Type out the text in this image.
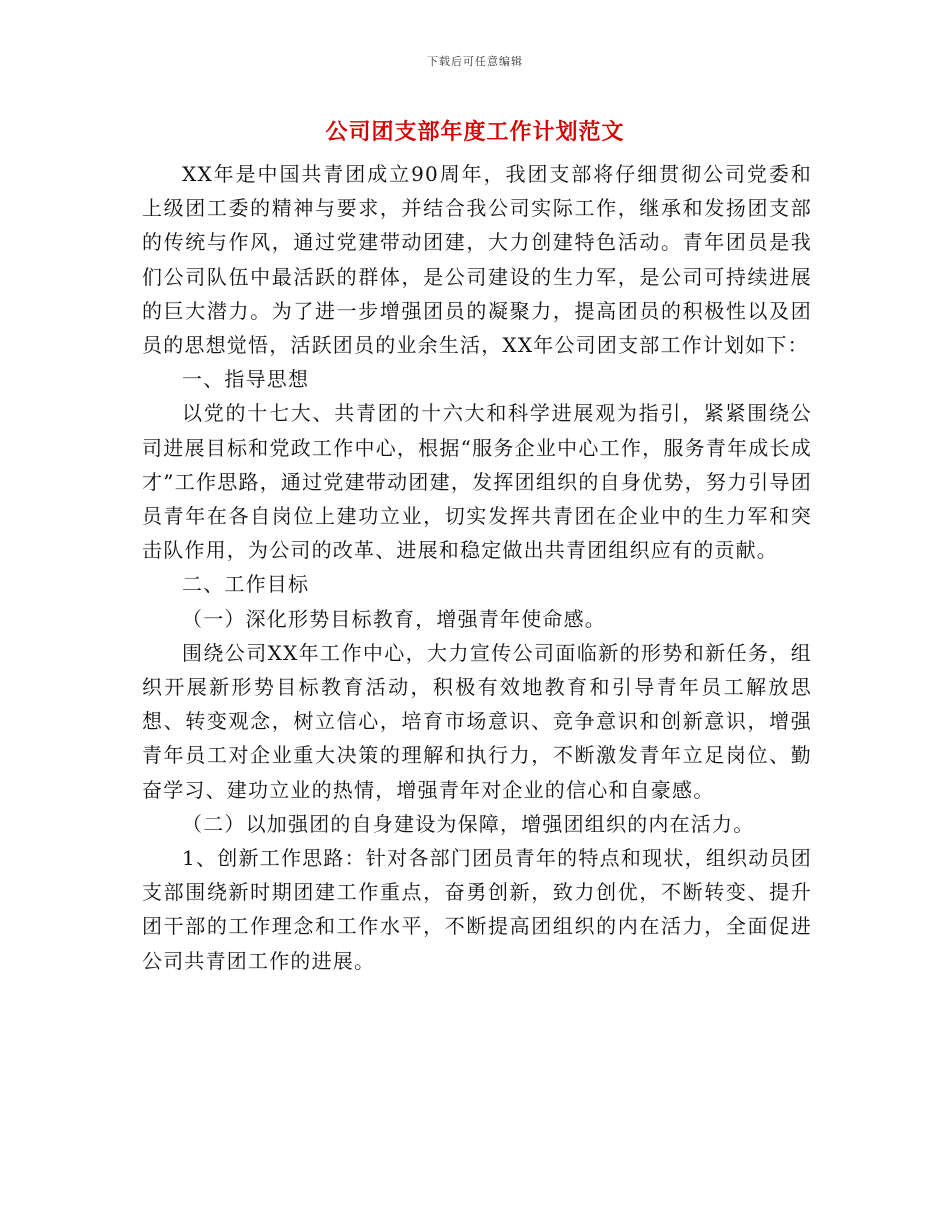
下载后可任意编辑
公司团支部年度工作计划范文

XX年是中国共青团成立90周年，我团支部将仔细贯彻公司党委和上级团工委的精神与要求，并结合我公司实际工作，继承和发扬团支部的传统与作风，通过党建带动团建，大力创建特色活动。青年团员是我们公司队伍中最活跃的群体，是公司建设的生力军，是公司可持续进展的巨大潜力。为了进一步增强团员的凝聚力，提高团员的积极性以及团员的思想觉悟，活跃团员的业余生活，XX年公司团支部工作计划如下：

一、指导思想

以党的十七大、共青团的十六大和科学进展观为指引，紧紧围绕公司进展目标和党政工作中心，根据“服务企业中心工作，服务青年成长成才”工作思路，通过党建带动团建，发挥团组织的自身优势，努力引导团员青年在各自岗位上建功立业，切实发挥共青团在企业中的生力军和突击队作用，为公司的改革、进展和稳定做出共青团组织应有的贡献。

二、工作目标

（一）深化形势目标教育，增强青年使命感。

围绕公司XX年工作中心，大力宣传公司面临新的形势和新任务，组织开展新形势目标教育活动，积极有效地教育和引导青年员工解放思想、转变观念，树立信心，培育市场意识、竞争意识和创新意识，增强青年员工对企业重大决策的理解和执行力，不断激发青年立足岗位、勤奋学习、建功立业的热情，增强青年对企业的信心和自豪感。

（二）以加强团的自身建设为保障，增强团组织的内在活力。

1、创新工作思路：针对各部门团员青年的特点和现状，组织动员团支部围绕新时期团建工作重点，奋勇创新，致力创优，不断转变、提升团干部的工作理念和工作水平，不断提高团组织的内在活力，全面促进公司共青团工作的进展。
